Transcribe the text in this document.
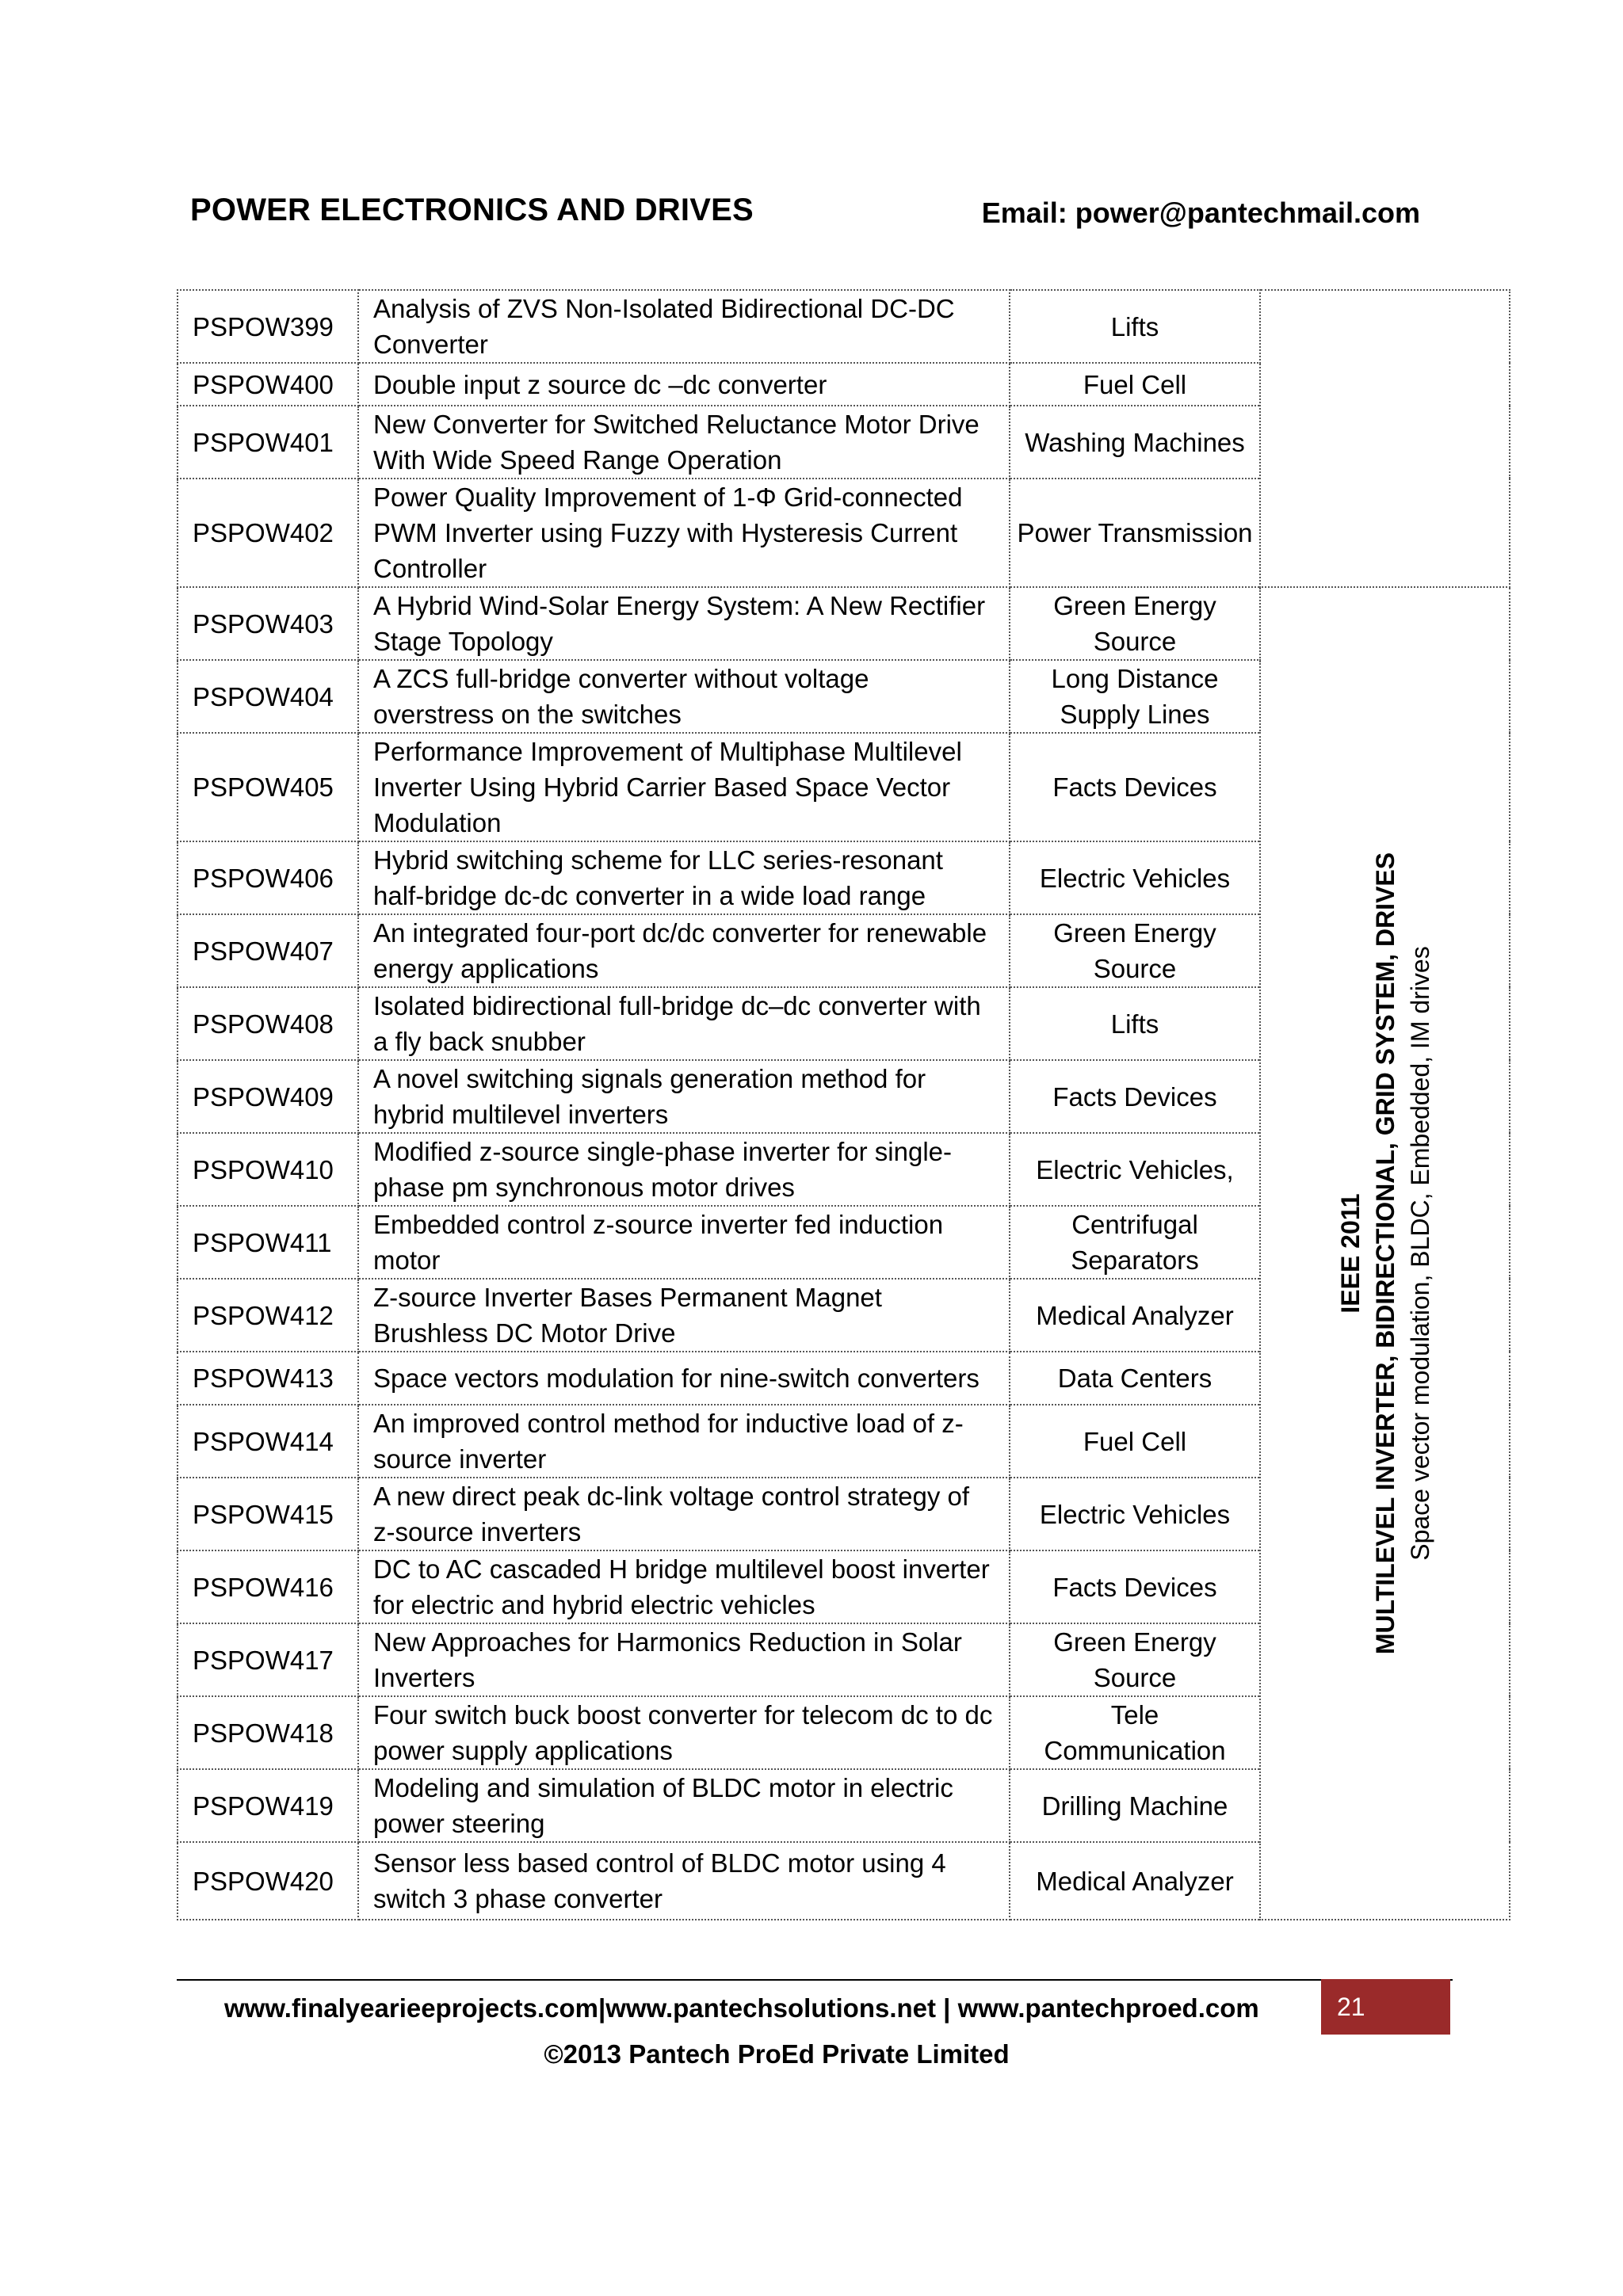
POWER ELECTRONICS AND DRIVES	Email: power@pantechmail.com
PSPOW399	Analysis of ZVS Non-Isolated Bidirectional DC-DC Converter	Lifts	
PSPOW400	Double input z source dc –dc converter	Fuel Cell	
PSPOW401	New Converter for Switched Reluctance Motor Drive With Wide Speed Range Operation	Washing Machines	
PSPOW402	Power Quality Improvement of 1-Φ Grid-connected PWM Inverter using Fuzzy with Hysteresis Current Controller	Power Transmission	
PSPOW403	A Hybrid Wind-Solar Energy System: A New Rectifier Stage Topology	Green Energy Source	IEEE 2011 MULTILEVEL INVERTER, BIDIRECTIONAL, GRID SYSTEM, DRIVES Space vector modulation, BLDC, Embedded, IM drives

PSPOW404	A ZCS full-bridge converter without voltage overstress on the switches	Long Distance Supply Lines	
PSPOW405	Performance Improvement of Multiphase Multilevel Inverter Using Hybrid Carrier Based Space Vector Modulation	Facts Devices	
PSPOW406	Hybrid switching scheme for LLC series-resonant half-bridge dc-dc converter in a wide load range	Electric Vehicles	
PSPOW407	An integrated four-port dc/dc converter for renewable energy applications	Green Energy Source	
PSPOW408	Isolated bidirectional full-bridge dc–dc converter with a fly back snubber	Lifts	
PSPOW409	A novel switching signals generation method for hybrid multilevel inverters	Facts Devices	
PSPOW410	Modified z-source single-phase inverter for single-phase pm synchronous motor drives	Electric Vehicles,	
PSPOW411	Embedded control z-source inverter fed induction motor	Centrifugal Separators	
PSPOW412	Z-source Inverter Bases Permanent Magnet Brushless DC Motor Drive	Medical Analyzer	
PSPOW413	Space vectors modulation for nine-switch converters	Data Centers	
PSPOW414	An improved control method for inductive load of z-source inverter	Fuel Cell	
PSPOW415	A new direct peak dc-link voltage control strategy of z-source inverters	Electric Vehicles	
PSPOW416	DC to AC cascaded H bridge multilevel boost inverter for electric and hybrid electric vehicles	Facts Devices	
PSPOW417	New Approaches for Harmonics Reduction in Solar Inverters	Green Energy Source	
PSPOW418	Four switch buck boost converter for telecom dc to dc power supply applications	Tele Communication	
PSPOW419	Modeling and simulation of BLDC motor in electric power steering	Drilling Machine	
PSPOW420	Sensor less based control of BLDC motor using 4 switch 3 phase converter	Medical Analyzer	
www.finalyearieeprojects.com|www.pantechsolutions.net | www.pantechproed.com	21
©2013 Pantech ProEd Private Limited
